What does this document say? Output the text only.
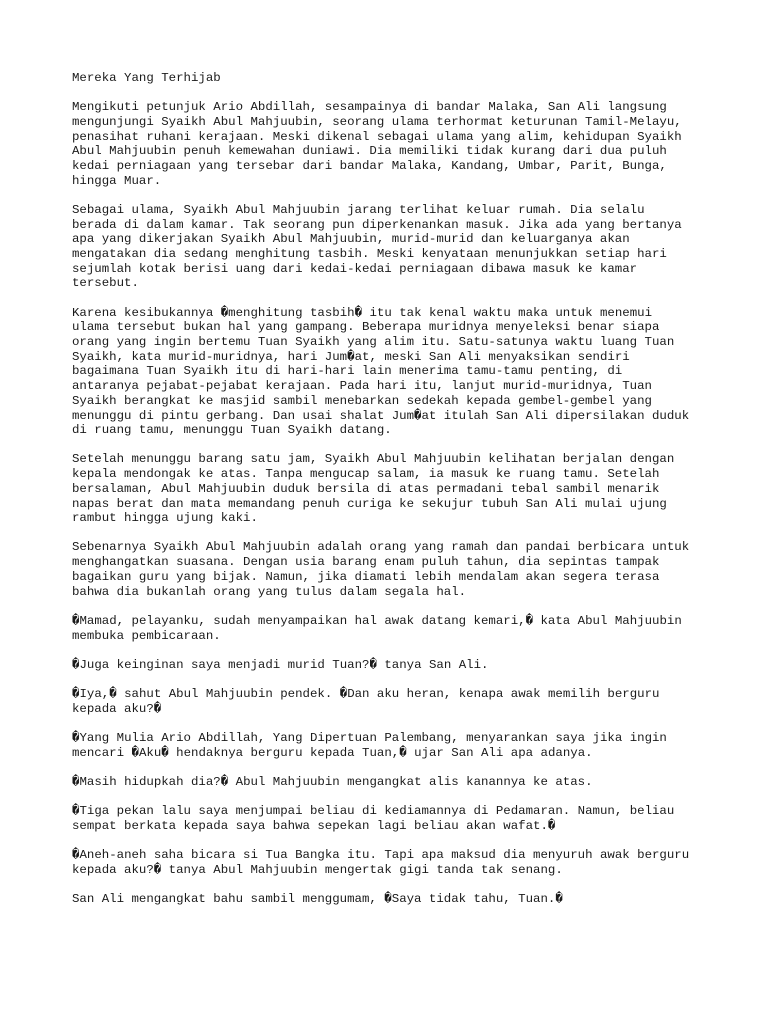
Mereka Yang Terhijab
Mengikuti petunjuk Ario Abdillah, sesampainya di bandar Malaka, San Ali langsung
mengunjungi Syaikh Abul Mahjuubin, seorang ulama terhormat keturunan Tamil-Melayu,
penasihat ruhani kerajaan. Meski dikenal sebagai ulama yang alim, kehidupan Syaikh
Abul Mahjuubin penuh kemewahan duniawi. Dia memiliki tidak kurang dari dua puluh
kedai perniagaan yang tersebar dari bandar Malaka, Kandang, Umbar, Parit, Bunga,
hingga Muar.
Sebagai ulama, Syaikh Abul Mahjuubin jarang terlihat keluar rumah. Dia selalu
berada di dalam kamar. Tak seorang pun diperkenankan masuk. Jika ada yang bertanya
apa yang dikerjakan Syaikh Abul Mahjuubin, murid-murid dan keluarganya akan
mengatakan dia sedang menghitung tasbih. Meski kenyataan menunjukkan setiap hari
sejumlah kotak berisi uang dari kedai-kedai perniagaan dibawa masuk ke kamar
tersebut.
Karena kesibukannya �menghitung tasbih� itu tak kenal waktu maka untuk menemui
ulama tersebut bukan hal yang gampang. Beberapa muridnya menyeleksi benar siapa
orang yang ingin bertemu Tuan Syaikh yang alim itu. Satu-satunya waktu luang Tuan
Syaikh, kata murid-muridnya, hari Jum�at, meski San Ali menyaksikan sendiri
bagaimana Tuan Syaikh itu di hari-hari lain menerima tamu-tamu penting, di
antaranya pejabat-pejabat kerajaan. Pada hari itu, lanjut murid-muridnya, Tuan
Syaikh berangkat ke masjid sambil menebarkan sedekah kepada gembel-gembel yang
menunggu di pintu gerbang. Dan usai shalat Jum�at itulah San Ali dipersilakan duduk
di ruang tamu, menunggu Tuan Syaikh datang.
Setelah menunggu barang satu jam, Syaikh Abul Mahjuubin kelihatan berjalan dengan
kepala mendongak ke atas. Tanpa mengucap salam, ia masuk ke ruang tamu. Setelah
bersalaman, Abul Mahjuubin duduk bersila di atas permadani tebal sambil menarik
napas berat dan mata memandang penuh curiga ke sekujur tubuh San Ali mulai ujung
rambut hingga ujung kaki.
Sebenarnya Syaikh Abul Mahjuubin adalah orang yang ramah dan pandai berbicara untuk
menghangatkan suasana. Dengan usia barang enam puluh tahun, dia sepintas tampak
bagaikan guru yang bijak. Namun, jika diamati lebih mendalam akan segera terasa
bahwa dia bukanlah orang yang tulus dalam segala hal.
�Mamad, pelayanku, sudah menyampaikan hal awak datang kemari,� kata Abul Mahjuubin
membuka pembicaraan.
�Juga keinginan saya menjadi murid Tuan?� tanya San Ali.
�Iya,� sahut Abul Mahjuubin pendek. �Dan aku heran, kenapa awak memilih berguru
kepada aku?�
�Yang Mulia Ario Abdillah, Yang Dipertuan Palembang, menyarankan saya jika ingin
mencari �Aku� hendaknya berguru kepada Tuan,� ujar San Ali apa adanya.
�Masih hidupkah dia?� Abul Mahjuubin mengangkat alis kanannya ke atas.
�Tiga pekan lalu saya menjumpai beliau di kediamannya di Pedamaran. Namun, beliau
sempat berkata kepada saya bahwa sepekan lagi beliau akan wafat.�
�Aneh-aneh saha bicara si Tua Bangka itu. Tapi apa maksud dia menyuruh awak berguru
kepada aku?� tanya Abul Mahjuubin mengertak gigi tanda tak senang.
San Ali mengangkat bahu sambil menggumam, �Saya tidak tahu, Tuan.�
